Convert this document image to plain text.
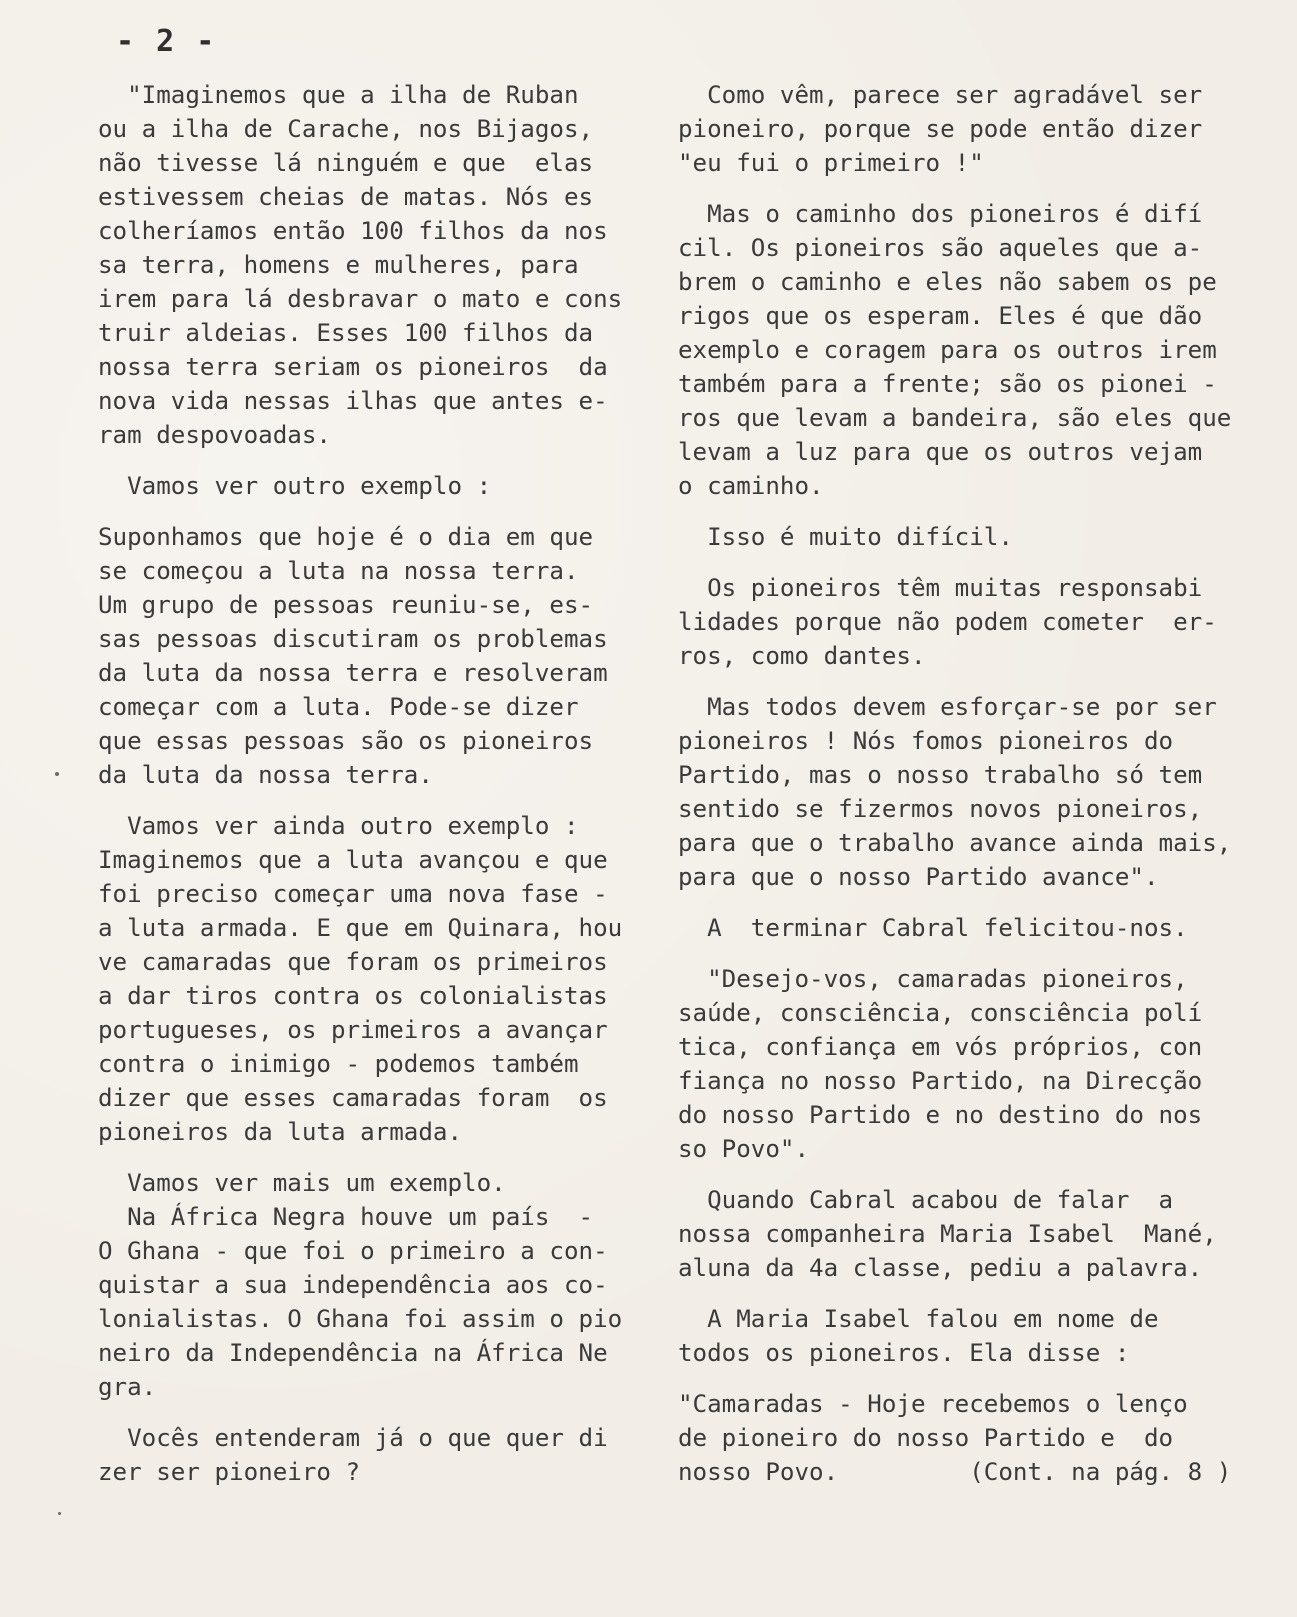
- 2 -
"Imaginemos que a ilha de Ruban
ou a ilha de Carache, nos Bijagos,
não tivesse lá ninguém e que  elas
estivessem cheias de matas. Nós es
colheríamos então 100 filhos da nos
sa terra, homens e mulheres, para
irem para lá desbravar o mato e cons
truir aldeias. Esses 100 filhos da
nossa terra seriam os pioneiros  da
nova vida nessas ilhas que antes e-
ram despovoadas.
Vamos ver outro exemplo :
Suponhamos que hoje é o dia em que
se começou a luta na nossa terra.
Um grupo de pessoas reuniu-se, es-
sas pessoas discutiram os problemas
da luta da nossa terra e resolveram
começar com a luta. Pode-se dizer
que essas pessoas são os pioneiros
da luta da nossa terra.
Vamos ver ainda outro exemplo :
Imaginemos que a luta avançou e que
foi preciso começar uma nova fase -
a luta armada. E que em Quinara, hou
ve camaradas que foram os primeiros
a dar tiros contra os colonialistas
portugueses, os primeiros a avançar
contra o inimigo - podemos também
dizer que esses camaradas foram  os
pioneiros da luta armada.
Vamos ver mais um exemplo.
Na África Negra houve um país  -
O Ghana - que foi o primeiro a con-
quistar a sua independência aos co-
lonialistas. O Ghana foi assim o pio
neiro da Independência na África Ne
gra.
Vocês entenderam já o que quer di
zer ser pioneiro ?
Como vêm, parece ser agradável ser
pioneiro, porque se pode então dizer
"eu fui o primeiro !"
Mas o caminho dos pioneiros é difí
cil. Os pioneiros são aqueles que a-
brem o caminho e eles não sabem os pe
rigos que os esperam. Eles é que dão
exemplo e coragem para os outros irem
também para a frente; são os pionei -
ros que levam a bandeira, são eles que
levam a luz para que os outros vejam
o caminho.
Isso é muito difícil.
Os pioneiros têm muitas responsabi
lidades porque não podem cometer  er-
ros, como dantes.
Mas todos devem esforçar-se por ser
pioneiros ! Nós fomos pioneiros do
Partido, mas o nosso trabalho só tem
sentido se fizermos novos pioneiros,
para que o trabalho avance ainda mais,
para que o nosso Partido avance".
A  terminar Cabral felicitou-nos.
"Desejo-vos, camaradas pioneiros,
saúde, consciência, consciência polí
tica, confiança em vós próprios, con
fiança no nosso Partido, na Direcção
do nosso Partido e no destino do nos
so Povo".
Quando Cabral acabou de falar  a
nossa companheira Maria Isabel  Mané,
aluna da 4a classe, pediu a palavra.
A Maria Isabel falou em nome de
todos os pioneiros. Ela disse :
"Camaradas - Hoje recebemos o lenço
de pioneiro do nosso Partido e  do
nosso Povo.         (Cont. na pág. 8 )
